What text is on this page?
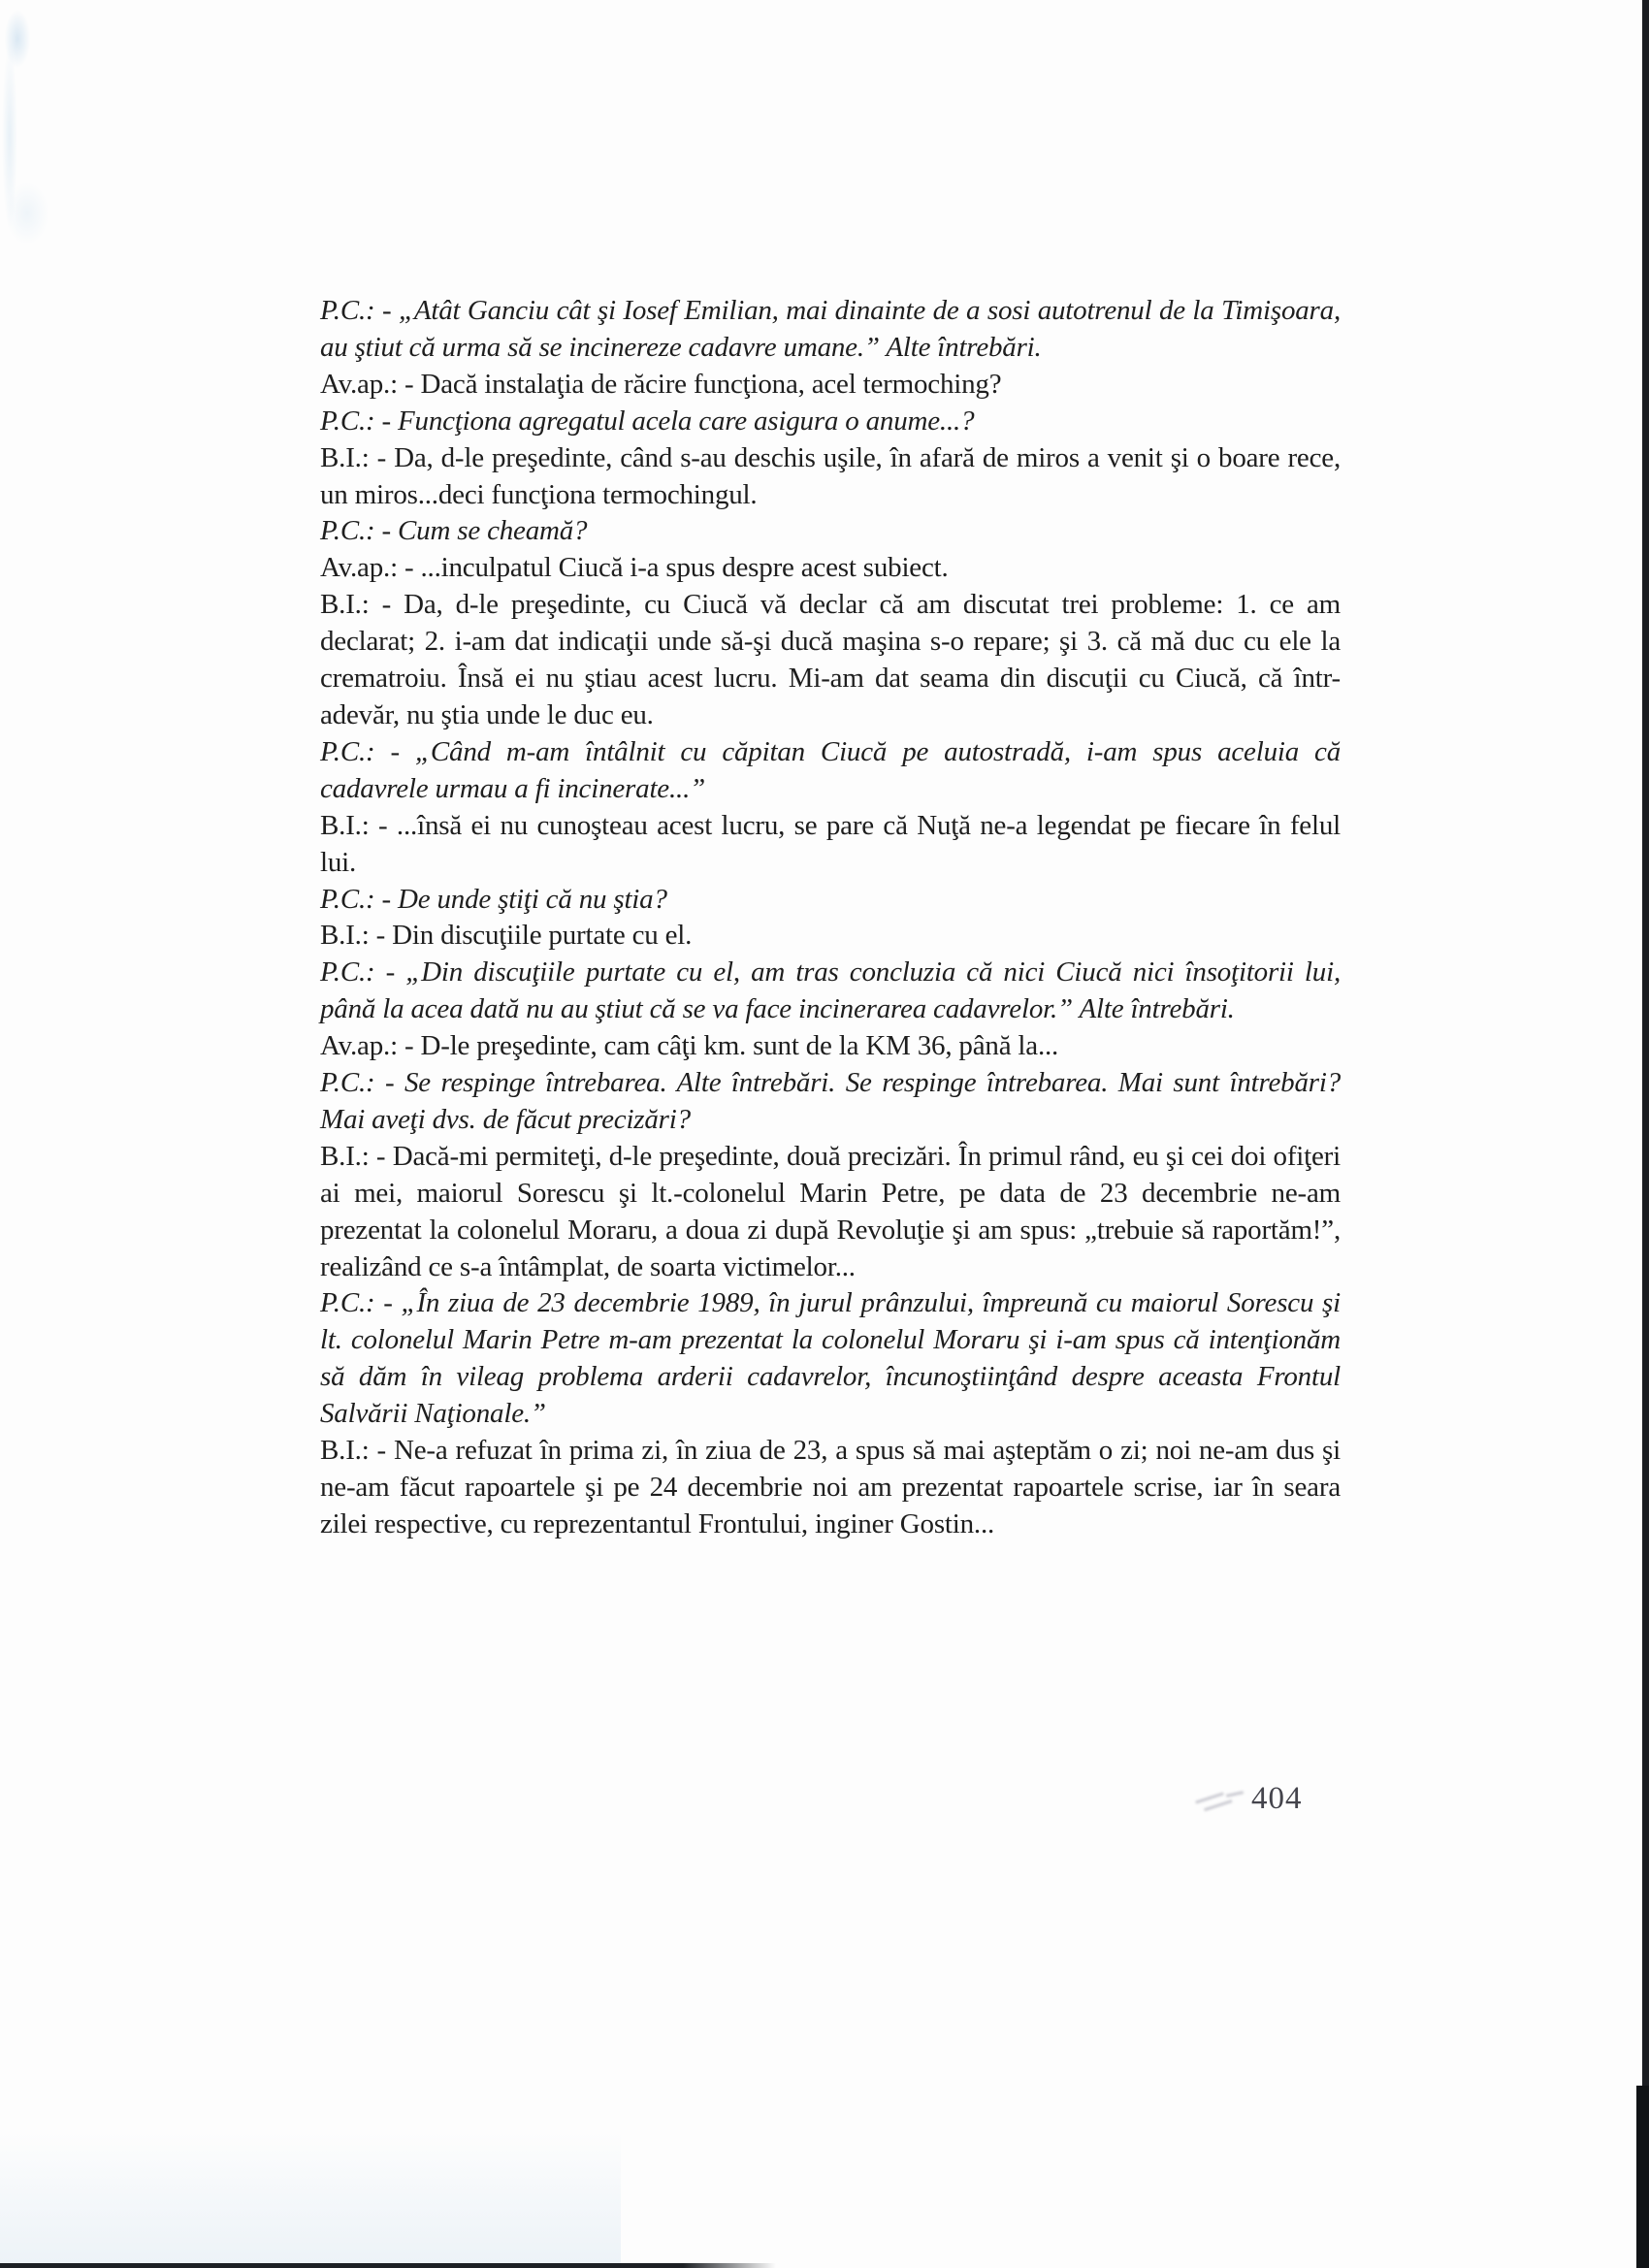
P.C.: - „Atât Ganciu cât şi Iosef Emilian, mai dinainte de a sosi autotrenul de la Timişoara, au ştiut că urma să se incinereze cadavre umane.” Alte întrebări.

Av.ap.: - Dacă instalaţia de răcire funcţiona, acel termoching?

P.C.: - Funcţiona agregatul acela care asigura o anume...?

B.I.: - Da, d-le preşedinte, când s-au deschis uşile, în afară de miros a venit şi o boare rece, un miros...deci funcţiona termochingul.

P.C.: - Cum se cheamă?

Av.ap.: - ...inculpatul Ciucă i-a spus despre acest subiect.

B.I.: - Da, d-le preşedinte, cu Ciucă vă declar că am discutat trei probleme: 1. ce am declarat; 2. i-am dat indicaţii unde să-şi ducă maşina s-o repare; şi 3. că mă duc cu ele la crematroiu. Însă ei nu ştiau acest lucru. Mi-am dat seama din discuţii cu Ciucă, că într-adevăr, nu ştia unde le duc eu.

P.C.: - „Când m-am întâlnit cu căpitan Ciucă pe autostradă, i-am spus aceluia că cadavrele urmau a fi incinerate...”

B.I.: - ...însă ei nu cunoşteau acest lucru, se pare că Nuţă ne-a legendat pe fiecare în felul lui.

P.C.: - De unde ştiţi că nu ştia?

B.I.: - Din discuţiile purtate cu el.

P.C.: - „Din discuţiile purtate cu el, am tras concluzia că nici Ciucă nici însoţitorii lui, până la acea dată nu au ştiut că se va face incinerarea cadavrelor.” Alte întrebări.

Av.ap.: - D-le preşedinte, cam câţi km. sunt de la KM 36, până la...

P.C.: - Se respinge întrebarea. Alte întrebări. Se respinge întrebarea. Mai sunt întrebări? Mai aveţi dvs. de făcut precizări?

B.I.: - Dacă-mi permiteţi, d-le preşedinte, două precizări. În primul rând, eu şi cei doi ofiţeri ai mei, maiorul Sorescu şi lt.-colonelul Marin Petre, pe data de 23 decembrie ne-am prezentat la colonelul Moraru, a doua zi după Revoluţie şi am spus: „trebuie să raportăm!”, realizând ce s-a întâmplat, de soarta victimelor...

P.C.: - „În ziua de 23 decembrie 1989, în jurul prânzului, împreună cu maiorul Sorescu şi lt. colonelul Marin Petre m-am prezentat la colonelul Moraru şi i-am spus că intenţionăm să dăm în vileag problema arderii cadavrelor, încunoştiinţând despre aceasta Frontul Salvării Naţionale.”

B.I.: - Ne-a refuzat în prima zi, în ziua de 23, a spus să mai aşteptăm o zi; noi ne-am dus şi ne-am făcut rapoartele şi pe 24 decembrie noi am prezentat rapoartele scrise, iar în seara zilei respective, cu reprezentantul Frontului, inginer Gostin...

404
